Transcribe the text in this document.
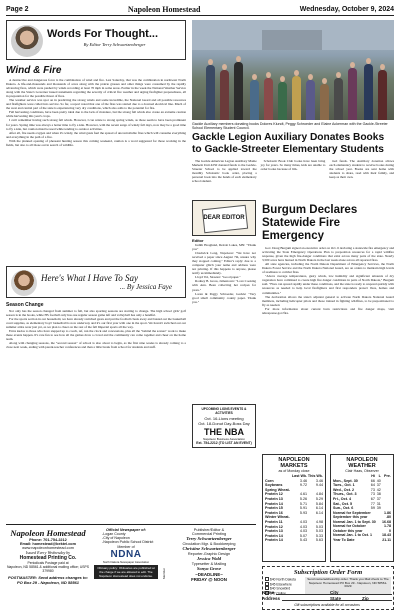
Page 2	Napoleon Homestead	Wednesday, October 9, 2024
Words For Thought...
By Editor Terry Schwartzenberger
Wind & Fire

A destructive and dangerous force is the combination of wind and fire. Last Saturday, that was the combination in northwest North Dakota. A life-and-thousands and thousands of acres along with the prairie grasses and other things were consumed by the rapidly advancing fires, which were pushed by winds recording at least 70 mph in some areas. Earlier in the week the National Weather Service along with the State's Governor issued statements regarding the severity of critical fire weather and urging firefighter preparedness, all in preparation for the possible threat of fires.

The weather service was spot on in predicting the strong winds and some incredible, the National Guard and all possible resources and firefighters were called into service. So far, a report noted that one of the fires was started due to a downed electrical line. Much of the west and central part of the state is experiencing very dry conditions, which also adds to the potential for fire.

Fall harvesting conditions, have been pretty ideal due to the lack of moisture, but the strong fall winds also create an extreme caution while harvesting this year's crops.

I can't remember having such strong fall winds. However, I can relate to strong spring winds, as those seem to have been prominent for years. Spring time was always a better time to fly a kite. However, with the recent surge of windy fall days, now may be a good time to fly a kite, but caution must be used while tending to outdoor activities.

After all, fire needs oxygen and when it's windy, the wind gusts fuel the spread of uncontrollable fires which will consume everything and everything in the path of a fire.

With the planned opening of pheasant hunting season this coming weekend, caution is a word suggested for those working in the fields, but also to all those out in search of wildlife.

Here's What I Have To Say
... By Jessica Faye
Season Change

Not only has the season changed from summer to fall, but also sporting seasons are starting to change. The high school girls' golf season is in the books, while HS football only has one regular season game left and volleyball has only a handful.

For the sports section in our household, we have already switched gears and put the football cleats away and busted out the basketball court supplies, as elementary boys' basketball is now underway and it's our first year with one in the sport. We haven't switched out our summer attire wear just yet, as we plan to cheer on the rest of the fall Imperial sports all the way.

Extra kudos to those who have stepped up to coach, ref, run the clock and concessions, plus all the "behind the scenes" work to make these events happen. It's rare fun to see how all the games draw a crowd and the community can come together and cheer on the home team.

Along with changing seasons, the "second season" of school is also about to begin, as the first nine weeks is already coming to a close next week, ending with parent-teacher conferences and then a little break from school for students and staff.

Gackle Auxiliary members donating books Dolores Kiundt, Peggy Schroeder and Elaine Ackerman with the Gackle-Streeter School Elementary Student Council.
Gackle Legion Auxiliary Donates Books to Gackle-Streeter Elementary Students

The Gackle American Legion Auxiliary Mame Merkelz Unit #250 donated funds to the Gackle-Streeter School to be applied toward the monthly Scholastic book order, placing a personal book into the hands of each elementary school student.

Scholastic Book Club books have been bring joy for years. So many times, kids are unable to order books because of lim-

ited funds. The Auxiliary donation allows each elementary student to receive books during the school year. Books are sent home with students to share, read with their family, and keep as their own.

DEAR EDITOR
Editor

Judith Hoaglund, Detroit Lakes, MN: "Thank you"

Chadwick Long, Napoleon: "We have not received a paper since August 7th, unsure why they stopped coming." Editor's reply: due to a computer glitch your name and address were not printing. If this happens to anyone, please notify us immediately.

Lloyd Vol, Streeter: "Good paper."

Rodney B. Gross, Jamestown: "Love Cooking with Ann. Been collecting her recipes for years."

Loren & Peggy Schroeder, Gackle: "Very good small community county paper. Thank you."

Burgum Declares Statewide Fire Emergency

Gov. Doug Burgum signed an executive order on Oct. 6 declaring a statewide fire emergency and activating the State Emergency Operations Plan to preposition resources for a rapid wildfire response, given the high fire-danger conditions that exist across many parts of the state. Nearly 3,500 acres have burned in North Dakota in the last week alone across all reported fires.

All state agencies, including the North Dakota Department of Emergency Services, the North Dakota Forest Service and the North Dakota National Guard, are on orders to maintain high levels of readiness to combat fires.

"Above average temperatures, gusty winds, low humidity and significant amounts of dry vegetation have combined to create high fire danger conditions in parts of North Dakota," Burgum said. "Fires can spread rapidly under these conditions, and the state is ready to respond quickly with resources as needed to help local firefighters and first responders protect lives, homes and communities."

The declaration allows the state's adjutant general to activate North Dakota National Guard members, including helicopter pilots and those trained in fighting wildfires, to be prepositioned to fly as needed.

For more information about current burn restrictions and fire danger maps, visit ndresponse.gov/fire.

UPCOMING LIONS EVENTS & ACTIVITIES
Oct. 16-Lions meeting
Oct. 18-Donut Day-Boss Day
THE NBA
Napoleon Business Association
Ext. 754-2212 (TO LIST AN EVENT)
NAPOLEON MARKETS
as of Monday close
	Last Wk.	This Wk.
Corn	3.46	3.46
Soybeans	9.72	9.44
Spring Wheat-		
Protein 12	4.61	4.84
Protein 13	5.26	5.29
Protein 14	5.71	5.84
Protein 15	5.91	6.14
Protein 16	5.93	6.14
Winter Wheat-		
Protein 11	4.03	4.98
Protein 12	4.03	5.03
Protein 13	4.03	5.03
Protein 14	5.07	5.33
Protein 14	5.43	5.63
NAPOLEON WEATHER
Clair Haas, Observer
	Hi	L	Pre.
Mon., Sept. 30	66	40	
Tues., Oct. 1	64	37	
Wed., Oct. 2	73	42	
Thurs., Oct. 3	73	38	
Fri., Oct. 4	67	37	
Sat., Oct. 5	77	31	
Sun., Oct. 6	59	39	
Normal for September	1.86
September this year	.80
Normal Jan. 1 to Sept. 30	16.68
Normal for October	1.78
October this year	0
Normal Jan. 1 to Oct. 1	18.43
Year To Date	21.11
Napoleon Homestead
Phone: 701-754-2212
Email: homestead@bektel.com
www.napoleonhomestead.com
Issued Every Wednesday by
Homestead Printing Co.
Periodicals Postage paid at
Napoleon, ND 58561 & additional mailing office; USPS 379980
POSTMASTER: Send address changes to: PO Box 29 - Napoleon, ND 58561
Official Newspaper of:
-Logan County
-City of Napoleon
-Napoleon Public School District
Member of
NDNA
North Dakota Newspaper Association
Obituary policy: Obituaries are published at the charge if we are allowed to edit. The Napoleon Homestead does not endorse.
Publisher/Editor &
Commercial Printing
Terry Schwartzenberger
Circulation Mgr. & Bookkeeping
Christine Schwartzenberger
Reporter-Graphic Design
Jessica Wald
Typesetter & Mailing
Sonya Grove
~DEADLINE~
FRIDAY @ NOON
Member	Subscription Order Form
$40 North Dakota
$45 Elsewhere
$40 Snowbird
$42 Online
Send name/address/zip order. Thank you Mail check to The Napoleon Homestead PO Box 29 - Napoleon, ND 58561-0029
Name
Address
City
State	Zip
Gift subscriptions available for all occasions
